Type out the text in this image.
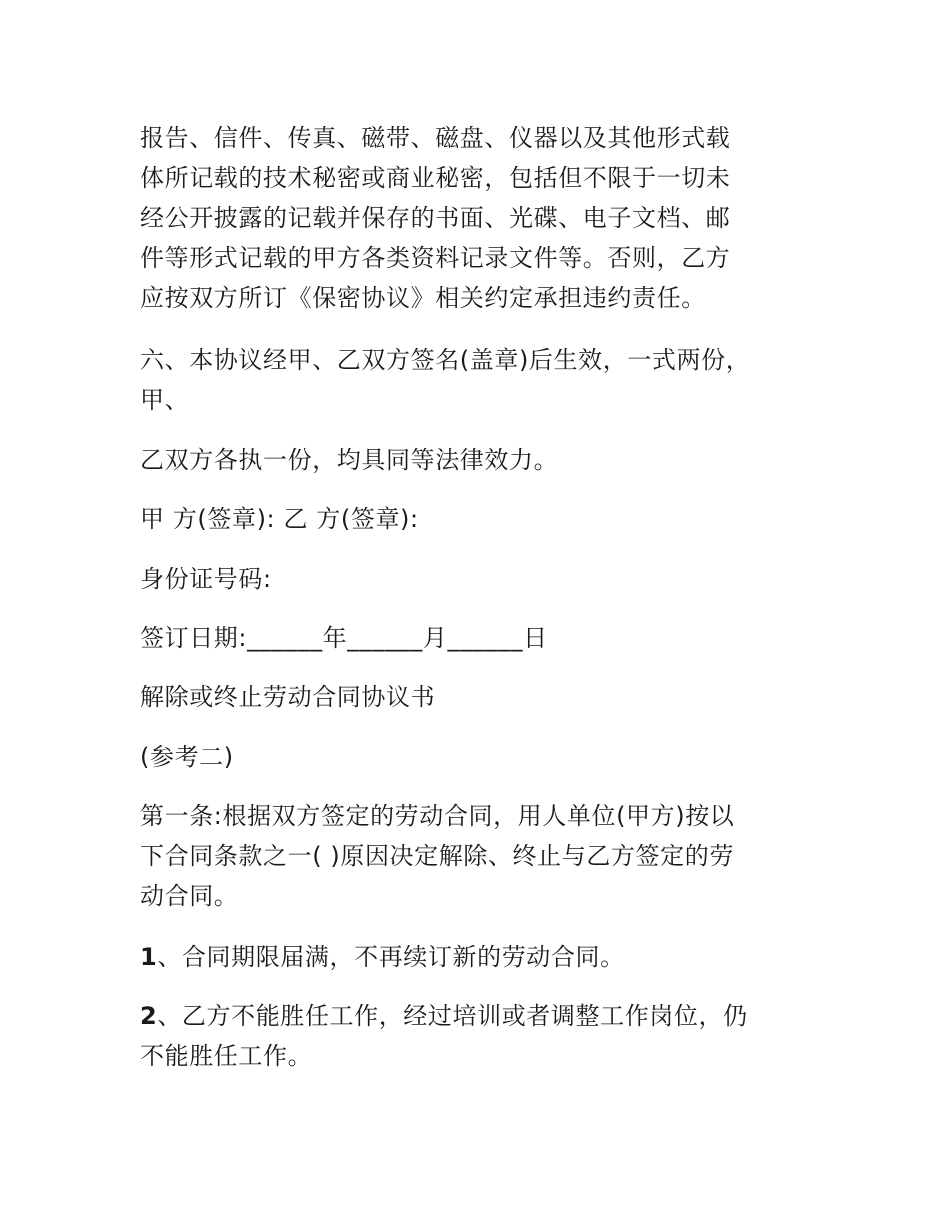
报告、信件、传真、磁带、磁盘、仪器以及其他形式载
体所记载的技术秘密或商业秘密，包括但不限于一切未
经公开披露的记载并保存的书面、光碟、电子文档、邮
件等形式记载的甲方各类资料记录文件等。否则，乙方
应按双方所订《保密协议》相关约定承担违约责任。
六、本协议经甲、乙双方签名(盖章)后生效，一式两份，
甲、
乙双方各执一份，均具同等法律效力。
甲 方(签章): 乙 方(签章):
身份证号码:
签订日期:______年______月______日
解除或终止劳动合同协议书
(参考二)
第一条:根据双方签定的劳动合同，用人单位(甲方)按以
下合同条款之一( )原因决定解除、终止与乙方签定的劳
动合同。
1、合同期限届满，不再续订新的劳动合同。
2、乙方不能胜任工作，经过培训或者调整工作岗位，仍
不能胜任工作。
